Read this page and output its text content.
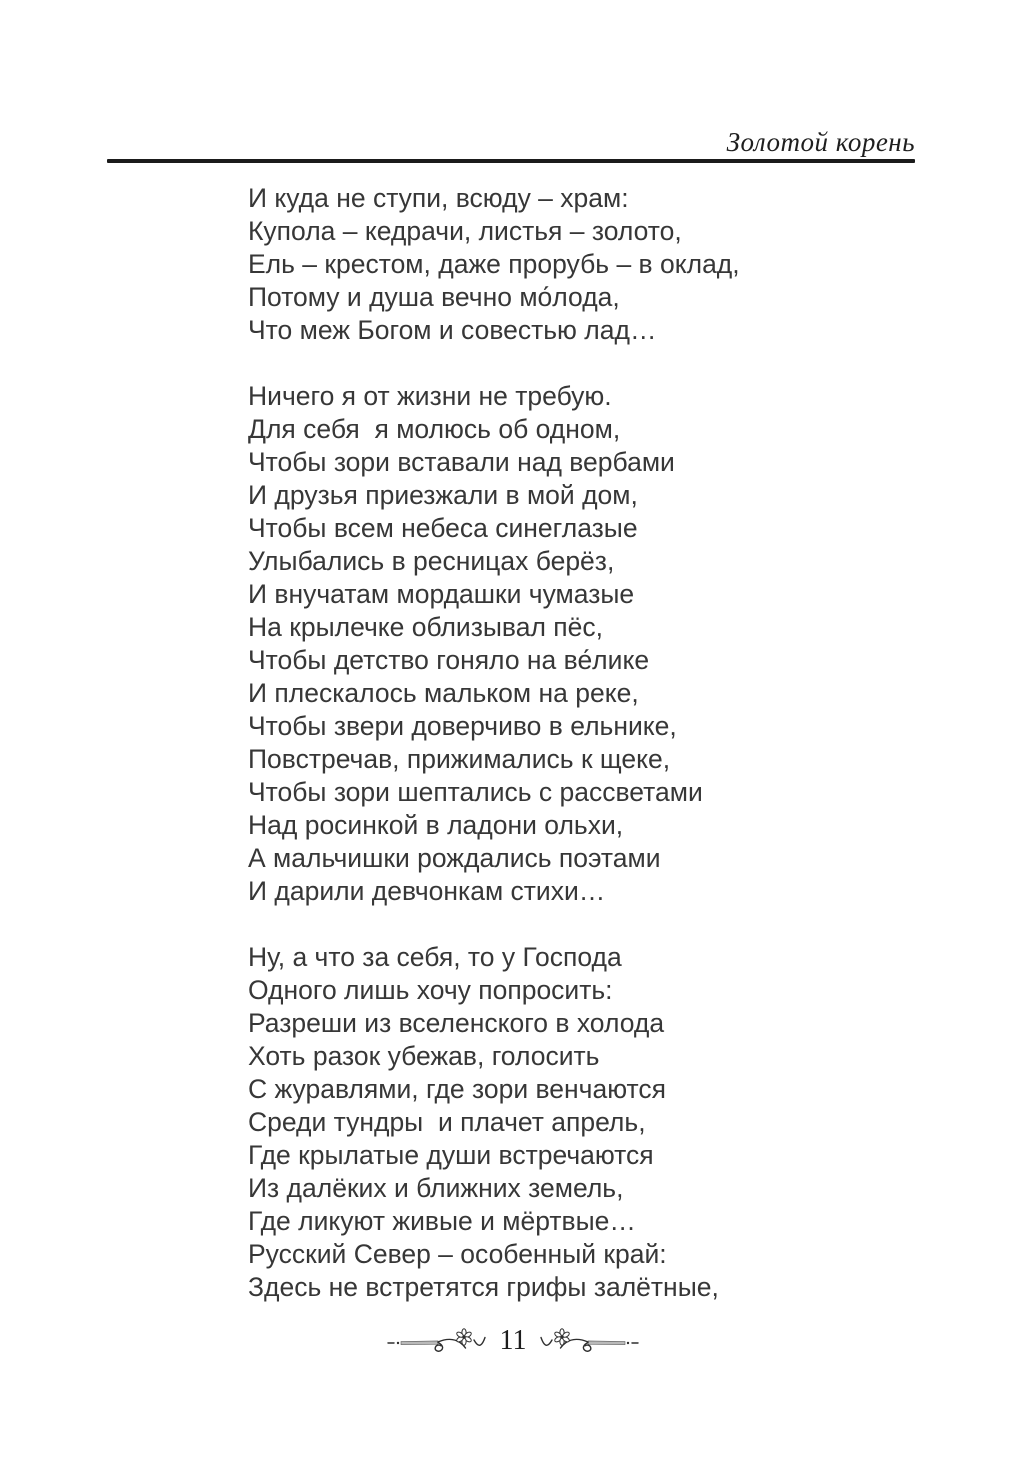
Золотой корень
И куда не ступи, всюду – храм:
Купола – кедрачи, листья – золото,
Ель – крестом, даже прорубь – в оклад,
Потому и душа вечно мо́лода,
Что меж Богом и совестью лад…
Ничего я от жизни не требую.
Для себя  я молюсь об одном,
Чтобы зори вставали над вербами
И друзья приезжали в мой дом,
Чтобы всем небеса синеглазые
Улыбались в ресницах берёз,
И внучатам мордашки чумазые
На крылечке облизывал пёс,
Чтобы детство гоняло на ве́лике
И плескалось мальком на реке,
Чтобы звери доверчиво в ельнике,
Повстречав, прижимались к щеке,
Чтобы зори шептались с рассветами
Над росинкой в ладони ольхи,
А мальчишки рождались поэтами
И дарили девчонкам стихи…
Ну, а что за себя, то у Господа
Одного лишь хочу попросить:
Разреши из вселенского в холода
Хоть разок убежав, голосить
С журавлями, где зори венчаются
Среди тундры  и плачет апрель,
Где крылатые души встречаются
Из далёких и ближних земель,
Где ликуют живые и мёртвые…
Русский Север – особенный край:
Здесь не встретятся грифы залётные,
11
